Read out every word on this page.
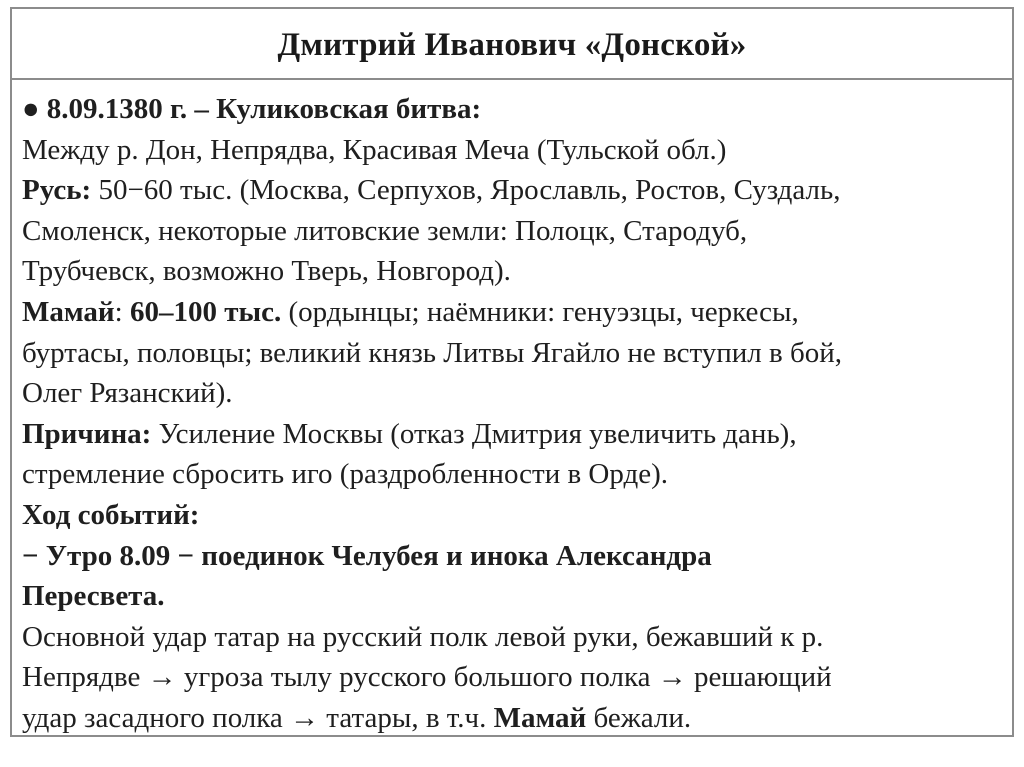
Дмитрий Иванович «Донской»
● 8.09.1380 г. – Куликовская битва:
Между р. Дон, Непрядва, Красивая Меча (Тульской обл.)
Русь: 50−60 тыс. (Москва, Серпухов, Ярославль, Ростов, Суздаль,
Смоленск, некоторые литовские земли: Полоцк, Стародуб,
Трубчевск, возможно Тверь, Новгород).
Мамай: 60–100 тыс. (ордынцы; наёмники: генуэзцы, черкесы,
буртасы, половцы; великий князь Литвы Ягайло не вступил в бой,
Олег Рязанский).
Причина: Усиление Москвы (отказ Дмитрия увеличить дань),
стремление сбросить иго (раздробленности в Орде).
Ход событий:
− Утро 8.09 − поединок Челубея и инока Александра
Пересвета.
Основной удар татар на русский полк левой руки, бежавший к р.
Непрядве → угроза тылу русского большого полка → решающий
удар засадного полка → татары, в т.ч. Мамай бежали.
